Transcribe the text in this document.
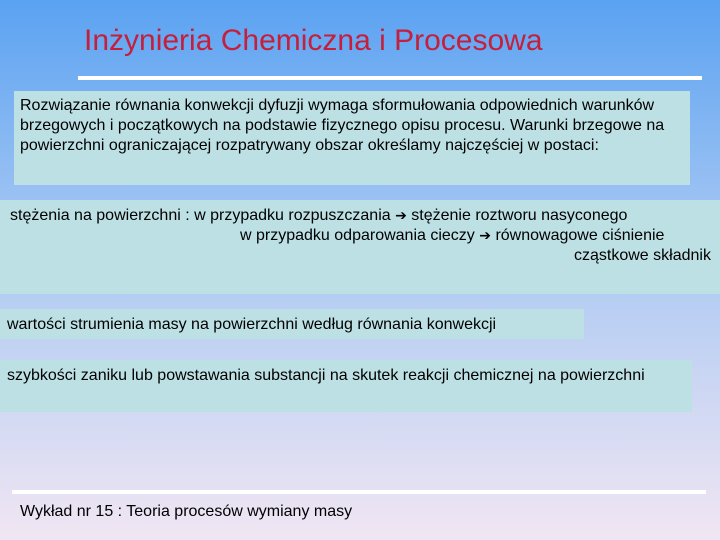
Inżynieria Chemiczna i Procesowa
Rozwiązanie równania konwekcji dyfuzji wymaga sformułowania odpowiednich warunków brzegowych i początkowych na podstawie fizycznego opisu procesu. Warunki brzegowe na powierzchni ograniczającej rozpatrywany obszar określamy najczęściej w postaci:
stężenia na powierzchni : w przypadku rozpuszczania ➔ stężenie roztworu nasyconego
w przypadku odparowania cieczy ➔ równowagowe ciśnienie
cząstkowe składnik
wartości strumienia masy na powierzchni według równania konwekcji
szybkości zaniku lub powstawania substancji na skutek reakcji chemicznej na powierzchni
Wykład nr 15 : Teoria procesów wymiany masy
